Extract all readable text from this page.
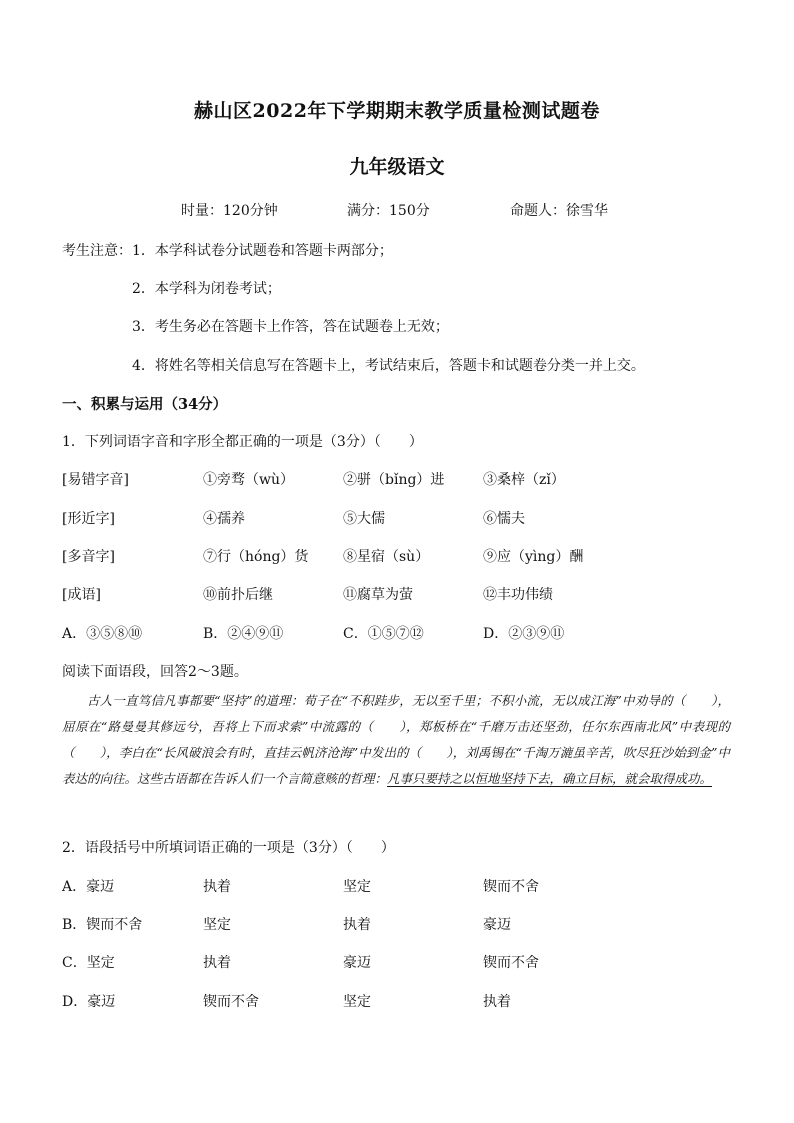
赫山区2022年下学期期末教学质量检测试题卷
九年级语文
时量：120分钟	满分：150分	命题人：徐雪华
考生注意： 1．本学科试卷分试题卷和答题卡两部分；
2．本学科为闭卷考试；
3．考生务必在答题卡上作答，答在试题卷上无效；
4．将姓名等相关信息写在答题卡上，考试结束后，答题卡和试题卷分类一并上交。
一、积累与运用（34分）
1．下列词语字音和字形全都正确的一项是（3分）（　　）
[易错字音]	①旁骛（wù）	②骈（bǐng）进	③桑梓（zǐ）
[形近字]	④孺养	⑤大儒	⑥懦夫
[多音字]	⑦行（hóng）货 ⑧星宿（sù）	⑨应（yìng）酬
[成语]	⑩前扑后继	⑪腐草为萤	⑫丰功伟绩
A．③⑤⑧⑩	B．②④⑨⑪	C．①⑤⑦⑫	D．②③⑨⑪
阅读下面语段，回答2～3题。
古人一直笃信凡事都要“坚持”的道理：荀子在“不积跬步，无以至千里；不积小流，无以成江海”中劝导的（　　），屈原在“路曼曼其修远兮，吾将上下而求索”中流露的（　　），郑板桥在“千磨万击还坚劲，任尔东西南北风”中表现的（　　），李白在“长风破浪会有时，直挂云帆济沧海”中发出的（　　），刘禹锡在“千淘万漉虽辛苦，吹尽狂沙始到金”中表达的向往。这些古语都在告诉人们一个言简意赅的哲理：凡事只要持之以恒地坚持下去，确立目标，就会取得成功。
2．语段括号中所填词语正确的一项是（3分）（　　）
A．豪迈	执着	坚定	锲而不舍
B．锲而不舍	坚定	执着	豪迈
C．坚定	执着	豪迈	锲而不舍
D．豪迈	锲而不舍	坚定	执着
